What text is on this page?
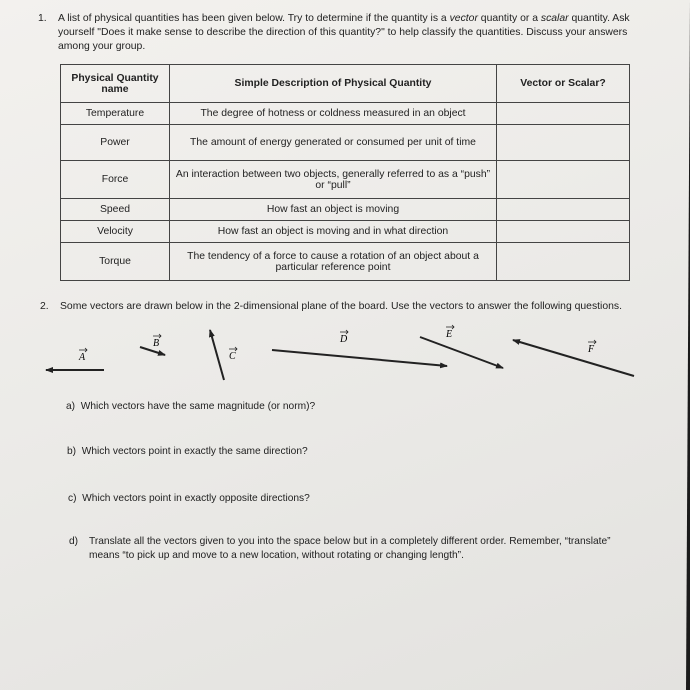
1. A list of physical quantities has been given below. Try to determine if the quantity is a vector quantity or a scalar quantity. Ask yourself "Does it make sense to describe the direction of this quantity?" to help classify the quantities. Discuss your answers among your group.
Physical Quantity name	Simple Description of Physical Quantity	Vector or Scalar?
Temperature	The degree of hotness or coldness measured in an object	
Power	The amount of energy generated or consumed per unit of time	
Force	An interaction between two objects, generally referred to as a “push” or “pull”	
Speed	How fast an object is moving	
Velocity	How fast an object is moving and in what direction	
Torque	The tendency of a force to cause a rotation of an object about a particular reference point	
2. Some vectors are drawn below in the 2-dimensional plane of the board. Use the vectors to answer the following questions.
A
B
C
D	E
F
a) Which vectors have the same magnitude (or norm)?
b) Which vectors point in exactly the same direction?
c) Which vectors point in exactly opposite directions?
d) Translate all the vectors given to you into the space below but in a completely different order. Remember, “translate” means “to pick up and move to a new location, without rotating or changing length”.
